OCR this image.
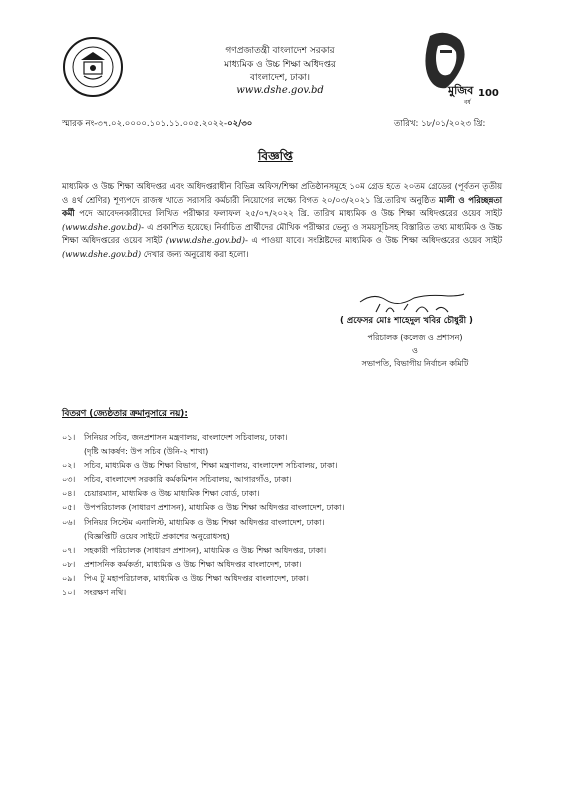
মুজিব
বর্ষ
100
গণপ্রজাতন্ত্রী বাংলাদেশ সরকার
মাধ্যমিক ও উচ্চ শিক্ষা অধিদপ্তর
বাংলাদেশ, ঢাকা।
www.dshe.gov.bd
স্মারক নং-৩৭.০২.০০০০.১০১.১১.০০৫.২০২২-০২/৩০	তারিখ: ১৮/০১/২০২৩ খ্রি:
বিজ্ঞপ্তি
মাধ্যমিক ও উচ্চ শিক্ষা অধিদপ্তর এবং অধিদপ্তরাধীন বিভিন্ন অফিস/শিক্ষা প্রতিষ্ঠানসমূহে ১০ম গ্রেড হতে ২০তম গ্রেডের (পূর্বতন তৃতীয় ও ৪র্থ শ্রেণির) শূণ্যপদে রাজস্ব খাতে সরাসরি কর্মচারী নিয়োগের লক্ষ্যে বিগত ২০/০৩/২০২১ খ্রি.তারিখ অনুষ্ঠিত মালী ও পরিচ্ছন্নতা কর্মী পদে আবেদনকারীদের লিখিত পরীক্ষার ফলাফল ২৫/০৭/২০২২ খ্রি. তারিখ মাধ্যমিক ও উচ্চ শিক্ষা অধিদপ্তরের ওয়েব সাইট (www.dshe.gov.bd)- এ প্রকাশিত হয়েছে। নির্বাচিত প্রার্থীদের মৌখিক পরীক্ষার ভেন্যু ও সময়সূচিসহ বিস্তারিত তথ্য মাধ্যমিক ও উচ্চ শিক্ষা অধিদপ্তরের ওয়েব সাইট (www.dshe.gov.bd)- এ পাওয়া যাবে। সংশ্লিষ্টদের মাধ্যমিক ও উচ্চ শিক্ষা অধিদপ্তরের ওয়েব সাইট (www.dshe.gov.bd) দেখার জন্য অনুরোধ করা হলো।
( প্রফেসর মোঃ শাহেদুল খবির চৌধুরী )
পরিচালক (কলেজ ও প্রশাসন)
ও
সভাপতি, বিভাগীয় নির্বাচন কমিটি
বিতরণ (জ্যেষ্ঠতার ক্রমানুসারে নয়):
০১। সিনিয়র সচিব, জনপ্রশাসন মন্ত্রণালয়, বাংলাদেশ সচিবালয়, ঢাকা।
(দৃষ্টি আকর্ষণ: উপ সচিব (উনি-২ শাখা)
০২। সচিব, মাধ্যমিক ও উচ্চ শিক্ষা বিভাগ, শিক্ষা মন্ত্রণালয়, বাংলাদেশ সচিবালয়, ঢাকা।
০৩। সচিব, বাংলাদেশ সরকারি কর্মকমিশন সচিবালয়, আগারগাঁও, ঢাকা।
০৪। চেয়ারম্যান, মাধ্যমিক ও উচ্চ মাধ্যমিক শিক্ষা বোর্ড, ঢাকা।
০৫। উপপরিচালক (সাধারণ প্রশাসন), মাধ্যমিক ও উচ্চ শিক্ষা অধিদপ্তর বাংলাদেশ, ঢাকা।
০৬। সিনিয়র সিস্টেম এনালিস্ট, মাধ্যমিক ও উচ্চ শিক্ষা অধিদপ্তর বাংলাদেশ, ঢাকা।
(বিজ্ঞপ্তিটি ওয়েব সাইটে প্রকাশের অনুরোধসহ)
০৭। সহকারী পরিচালক (সাধারণ প্রশাসন), মাধ্যমিক ও উচ্চ শিক্ষা অধিদপ্তর, ঢাকা।
০৮। প্রশাসনিক কর্মকর্তা, মাধ্যমিক ও উচ্চ শিক্ষা অধিদপ্তর বাংলাদেশ, ঢাকা।
০৯। পিএ টু মহাপরিচালক, মাধ্যমিক ও উচ্চ শিক্ষা অধিদপ্তর বাংলাদেশ, ঢাকা।
১০। সংরক্ষণ নথি।
